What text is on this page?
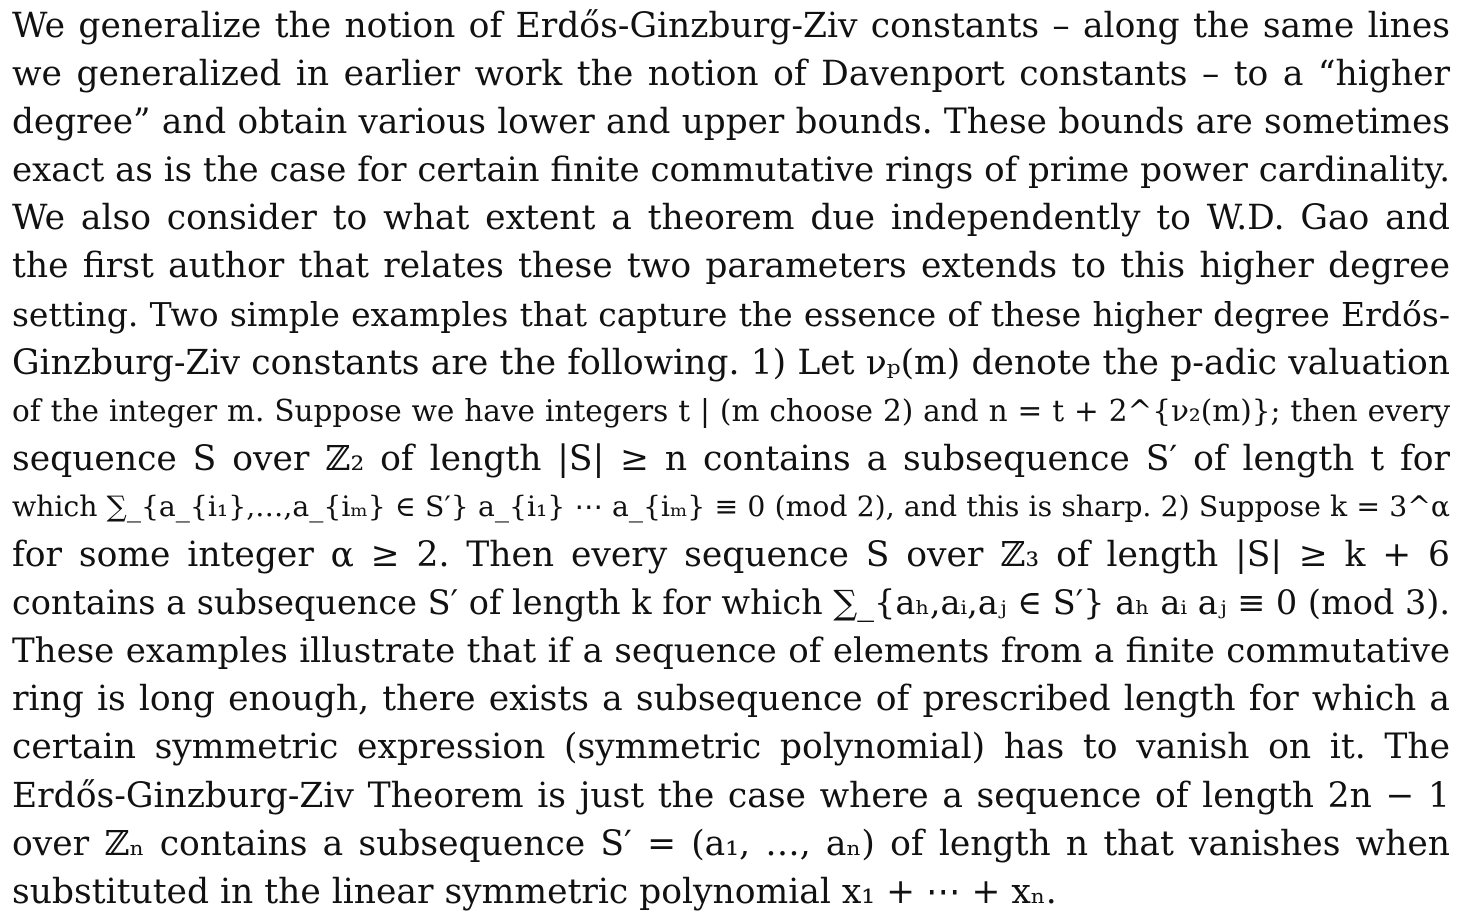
We generalize the notion of Erdős-Ginzburg-Ziv constants – along the same lines
we generalized in earlier work the notion of Davenport constants – to a “higher
degree” and obtain various lower and upper bounds. These bounds are sometimes
exact as is the case for certain finite commutative rings of prime power cardinality.
We also consider to what extent a theorem due independently to W.D. Gao and
the first author that relates these two parameters extends to this higher degree
setting. Two simple examples that capture the essence of these higher degree Erdős-
Ginzburg-Ziv constants are the following. 1) Let νₚ(m) denote the p-adic valuation
of the integer m. Suppose we have integers t | (m choose 2) and n = t + 2^{ν₂(m)}; then every
sequence S over ℤ₂ of length |S| ≥ n contains a subsequence S′ of length t for
which ∑_{a_{i₁},…,a_{iₘ} ∈ S′} a_{i₁} ⋯ a_{iₘ} ≡ 0 (mod 2), and this is sharp. 2) Suppose k = 3^α
for some integer α ≥ 2. Then every sequence S over ℤ₃ of length |S| ≥ k + 6
contains a subsequence S′ of length k for which ∑_{aₕ,aᵢ,aⱼ ∈ S′} aₕ aᵢ aⱼ ≡ 0 (mod 3).
These examples illustrate that if a sequence of elements from a finite commutative
ring is long enough, there exists a subsequence of prescribed length for which a
certain symmetric expression (symmetric polynomial) has to vanish on it. The
Erdős-Ginzburg-Ziv Theorem is just the case where a sequence of length 2n − 1
over ℤₙ contains a subsequence S′ = (a₁, …, aₙ) of length n that vanishes when
substituted in the linear symmetric polynomial x₁ + ⋯ + xₙ.
